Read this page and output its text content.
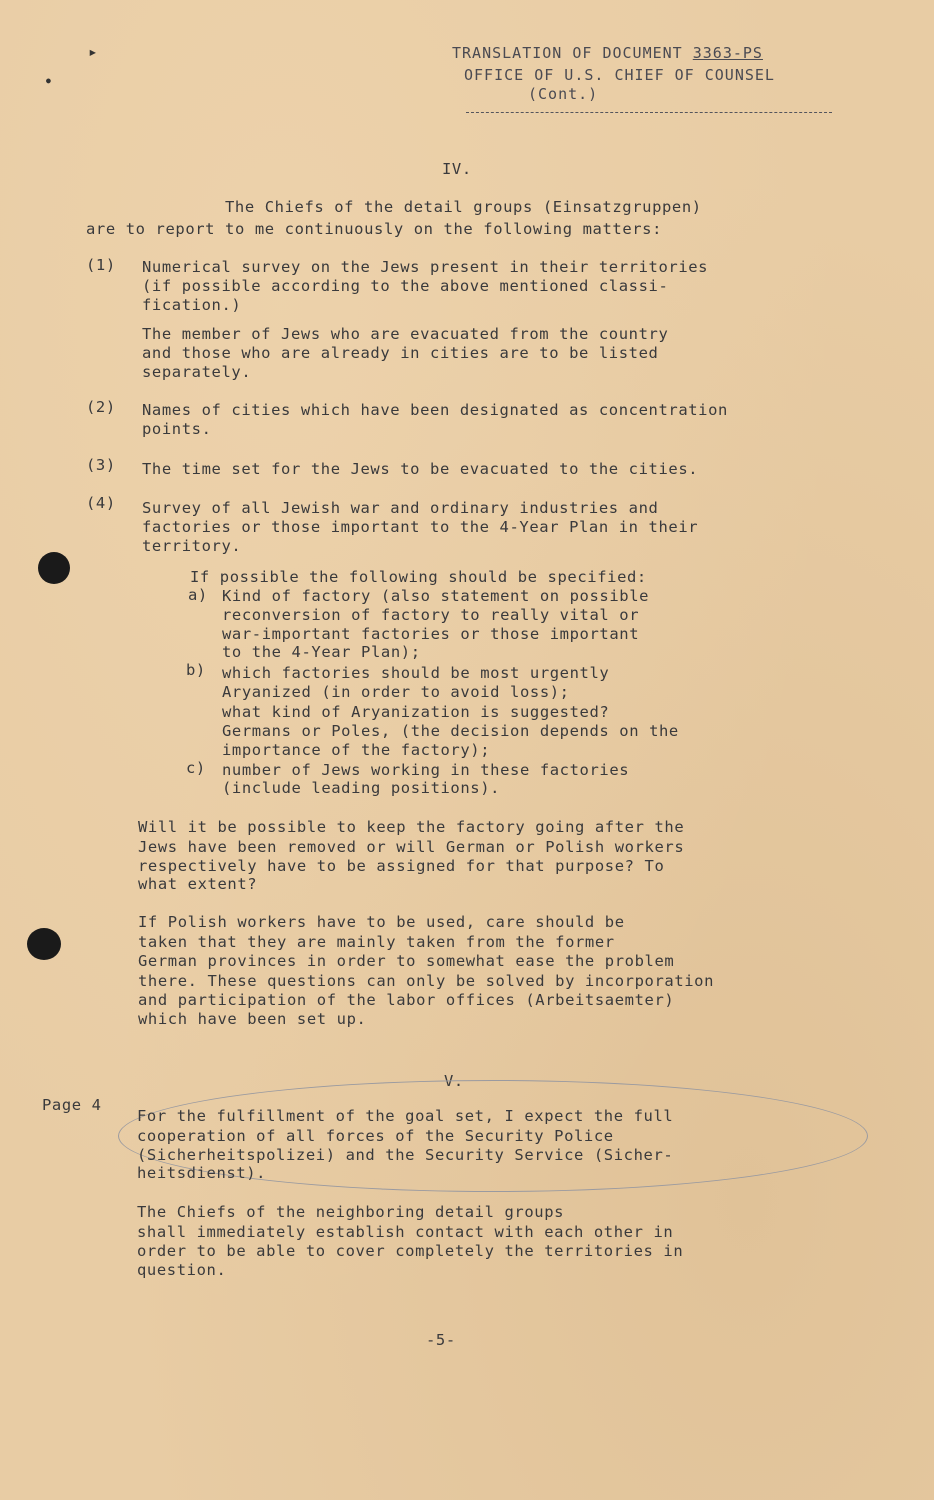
TRANSLATION OF DOCUMENT 3363-PS
OFFICE OF U.S. CHIEF OF COUNSEL
(Cont.)
▸
●
IV.
The Chiefs of the detail groups (Einsatzgruppen)
are to report to me continuously on the following matters:
(1) Numerical survey on the Jews present in their territories
(if possible according to the above mentioned classi-
fication.)
The member of Jews who are evacuated from the country
and those who are already in cities are to be listed
separately.
(2) Names of cities which have been designated as concentration
points.
(3) The time set for the Jews to be evacuated to the cities.
(4) Survey of all Jewish war and ordinary industries and
factories or those important to the 4-Year Plan in their
territory.
If possible the following should be specified:
a) Kind of factory (also statement on possible
reconversion of factory to really vital or
war-important factories or those important
to the 4-Year Plan);
b) which factories should be most urgently
Aryanized (in order to avoid loss);
what kind of Aryanization is suggested?
Germans or Poles, (the decision depends on the
importance of the factory);
c) number of Jews working in these factories
(include leading positions).
Will it be possible to keep the factory going after the
Jews have been removed or will German or Polish workers
respectively have to be assigned for that purpose? To
what extent?
If Polish workers have to be used, care should be
taken that they are mainly taken from the former
German provinces in order to somewhat ease the problem
there. These questions can only be solved by incorporation
and participation of the labor offices (Arbeitsaemter)
which have been set up.
V.
Page 4
For the fulfillment of the goal set, I expect the full
cooperation of all forces of the Security Police
(Sicherheitspolizei) and the Security Service (Sicher-
heitsdienst).
The Chiefs of the neighboring detail groups
shall immediately establish contact with each other in
order to be able to cover completely the territories in
question.
-5-
